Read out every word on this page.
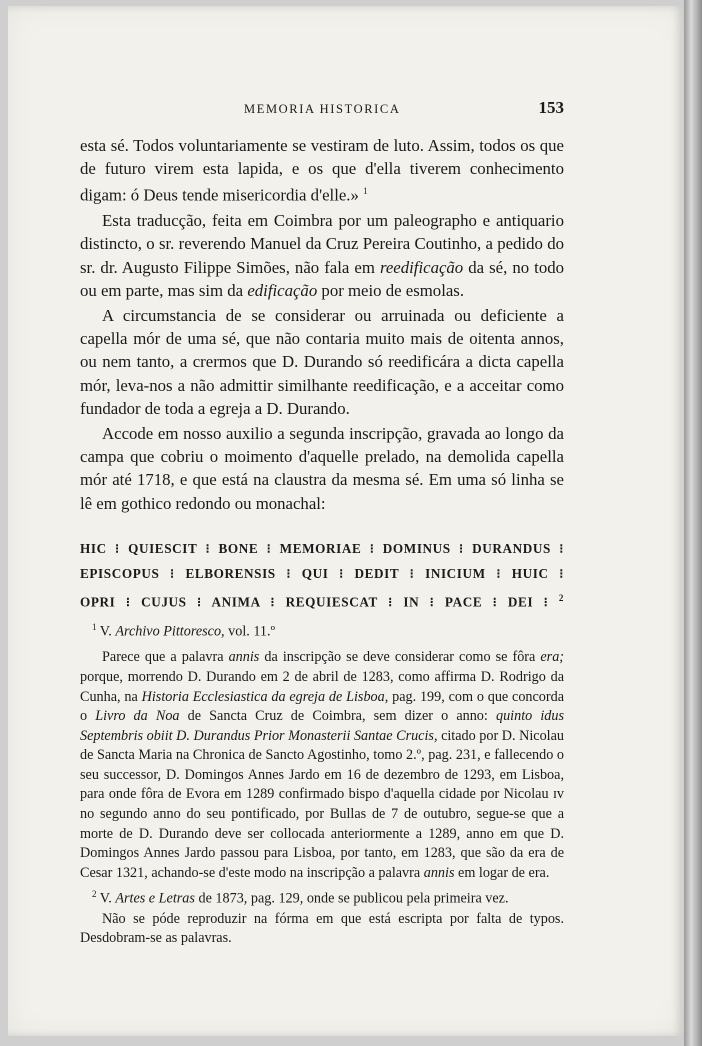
MEMORIA HISTORICA	153

esta sé. Todos voluntariamente se vestiram de luto. Assim, todos os que de futuro virem esta lapida, e os que d'ella tiverem conhecimento digam: ó Deus tende misericordia d'elle.» $^1$

Esta traducção, feita em Coimbra por um paleographo e antiquario distincto, o sr. reverendo Manuel da Cruz Pereira Coutinho, a pedido do sr. dr. Augusto Filippe Simões, não fala em reedificação da sé, no todo ou em parte, mas sim da edificação por meio de esmolas.

A circumstancia de se considerar ou arruinada ou deficiente a capella mór de uma sé, que não contaria muito mais de oitenta annos, ou nem tanto, a crermos que D. Durando só reedificára a dicta capella mór, leva-nos a não admittir similhante reedificação, e a acceitar como fundador de toda a egreja a D. Durando.

Accode em nosso auxilio a segunda inscripção, gravada ao longo da campa que cobriu o moimento d'aquelle prelado, na demolida capella mór até 1718, e que está na claustra da mesma sé. Em uma só linha se lê em gothico redondo ou monachal:

HIC ⁝ QUIESCIT ⁝ BONE ⁝ MEMORIAE ⁝ DOMINUS ⁝ DURANDUS ⁝
EPISCOPUS ⁝ ELBORENSIS ⁝ QUI ⁝ DEDIT ⁝ INICIUM ⁝ HUIC ⁝
OPRI ⁝ CUJUS ⁝ ANIMA ⁝ REQUIESCAT ⁝ IN ⁝ PACE ⁝ DEI ⁝ $^2$

$^1$ V. Archivo Pittoresco, vol. 11.º

Parece que a palavra annis da inscripção se deve considerar como se fôra era; porque, morrendo D. Durando em 2 de abril de 1283, como affirma D. Rodrigo da Cunha, na Historia Ecclesiastica da egreja de Lisboa, pag. 199, com o que concorda o Livro da Noa de Sancta Cruz de Coimbra, sem dizer o anno: quinto idus Septembris obiit D. Durandus Prior Monasterii Santae Crucis, citado por D. Nicolau de Sancta Maria na Chronica de Sancto Agostinho, tomo 2.º, pag. 231, e fallecendo o seu successor, D. Domingos Annes Jardo em 16 de dezembro de 1293, em Lisboa, para onde fôra de Evora em 1289 confirmado bispo d'aquella cidade por Nicolau ɪᴠ no segundo anno do seu pontificado, por Bullas de 7 de outubro, segue-se que a morte de D. Durando deve ser collocada anteriormente a 1289, anno em que D. Domingos Annes Jardo passou para Lisboa, por tanto, em 1283, que são da era de Cesar 1321, achando-se d'este modo na inscripção a palavra annis em logar de era.

$^2$ V. Artes e Letras de 1873, pag. 129, onde se publicou pela primeira vez.

Não se póde reproduzir na fórma em que está escripta por falta de typos. Desdobram-se as palavras.
